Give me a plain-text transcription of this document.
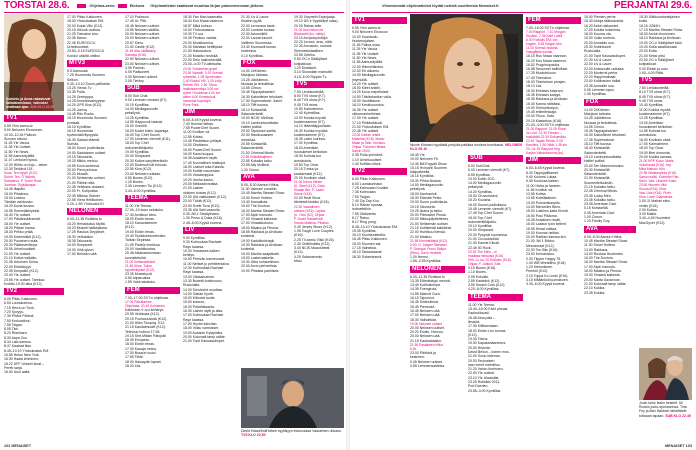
TORSTAI 28.6.	Ohjelma-arvio	Elokuva Ohjelmatiedot saattavat muuttua kirjan painomenoman jälkeen.
Dominic ja Anna rakastuvat italialaisenkaun, vahvoksi ovatkaan ajan. AVA KLO 20.05
TV1
6.55 Yhm aamu-tv.
9.00 Nelonen Elonvonen.
10.00–10.44 Palloon.
Suvuen olkoon.
11.25 Yle Vauva.
11.35 Yle Uutiset.
11.50 Yle News.
11.55 Aamuväylällä.
11.47 Lentokeli työsa.
12.00 Hiihto on llojo – tekee.
12.30 Tehtävä 101:
Kuva: Ten Nyytö (K12).
Suom: Ten. O Näyrtä.
Sotadarvo. P. Suoni Rolvi.
Juontaa: Ohjiviikkapa.
14.45 Iltapäiv.
15.00 Pihalmus.
15.00 Loistuo.
Tänään vetokosko.
16.20 Kuvia tuusen.
16.55 Sommäkiinpeksi.
16.40 Yle uutiset.
17.00 Päivännäärsestä.
18.00 Yle uutiset.
18.20 Pikkari kansa.
18.30 Prihko prtää.
19.00 Kivinimikkit (K12).
20.00 Punainen rauta.
20.30 Pääkeventiepa.
20.55 Urheiluuutiset.
21.00 Yle uutiset.
21.10 Kotiva valkaitu.
21.35 Urkoinen Sulna.
22.00 Ehtalöivyyt.
22.35 Kenpaikö (K12).
23.40 Yle uutiset.
23.55 Yle uutiset. Tarekuu:
Kodittu 19.00 alka (K12).
TV2
6.00 Pikku Kakkonen.
6.53 Luurakonhuo.
7.15 Herra on Tonk.
7.20 Syvyys.
7.35 Pihkoi Pähmä.
7.50 Krokoatihut.
7.55 Tsigan.
8.05 Tiini.
8.20 Rlanhaen.
8.30 Aapa Zoo.
8.34 Lala sarmus.
8.47 Kaatoat lilan.
8.45–10.10 Yhdoutustuk EM.
16.55 Helun New York.
16.30 Haala lehminen.
16.22 UFF Uhkeet tavat –
Pereti sarja.
16.50 Uusi aalta.
17.00 Pikku Kakkonen.
18.00 Yhdoutuskan EM.
20.00 Kukia Viliz (K12).
20.15 Ulkonä ovatula.
21.25 Tietoalue sivu.
22.35 Marco.
22.45 EUROCICU
Urheiluuutiset.
23.50–0.15 EUROCICU
Kondoi utisiltä uhtiksi.
MTV3
5.5 Aamuusä.
7.25 Huomenta Suomen
Seikon.
9.30–10.10 Suom pallhahia.
13.25 Vieras Tv.
13.35 Pulla.
14.25 Ommpppa.
14.25 Annerkavainyysse.
14.25 GPS Kiss (K12).
14.25 Joniva.
14.45 Ritu Rocks.
15.15 Huomenta Suomen
pvmkatt.
16.15 Kymilllas.
16.15 Huomenta
hyvinkinkilvitysyysla.
16.30 Salatut elämät.
Surista.
18.00 Suom puolivilauia.
19.00 Salatuksen uutiset.
19.15 Talouseta.
19.25 Mikko mehuo.
19.55 Kova sedensä.
20.00 Pieni prinssa.
20.20 Muvaik.
21.00 Seitsemän uutiset.
21.00 Pähkin sttä.
21.35 Veikkaus dokaavi.
22.00 Fr. Kotiputtaa.
22.35 Mikkau Stainer.
22.55 Viera Hellikoinen.
0.20–1.55 Yhdouotut Ei.
NELONEN
6.00–11.35 Rohkkia tv.
15.20 Hehakkoluu täyttä.
16.20 Muksiti hatikkaksiia.
17.25 Raukus Deyjöiset.
18.30 Vettukaksi.
18.35 Talouseta.
19.00 Simpsonit.
19.30 Vihit sjivon.
17.00 Nelosen uää.
17.10 Putimoot.
17.45 Ur. Pitti.
18.45 Nelosen uutiset.
19.55 Nelosen säätila.
20.00 Nelosen uutiset.
20.00 Nelosen uutiset.
20.57 Kieru.
21.00 Castle (K12).
21.45 Alta Lätäkkäny.
Sahvaja (K18).
22.50 Nelosen uutiset.
23.00 Nelosen uutiset.
3.05 Pauloin.
0.05 Pailkuneet.
0.30 Nelosen uutiset.
2.05 Tiehiny.
SUB
8.00 Sub Chat.
9.00 Lemmen verdakt (K7).
10.15 Kymilllas.
14.00 Mediagaccoriin
peksilynä.
14.25 Kymilllas.
14.55 Happuvoit haavat.
15.00 Goneiiit.
16.00 Kudet kotiin Japaniga.
16.00 Top Chef Suomi.
17.00 Lemmen vierndit (K11).
18.00 Top Chef
dokumenttikilpailu.
19.05 Kymilllas.
20.00 Simpsonit.
20.30 Kotiva sanytteeriksiin.
22.00 Dudesuit toti tuhuusi.
22.55 Kiva (K12).
23.00 Nelosen uuttaas.
0.55 Bones (K12).
1.25 Bones.
2.45 Lemmen Tiu (K12).
3.40–6.00 Kymilllas.
TEEMA
11.00 Yle Teema.
17.00–19 kuun sekaluku.
17.40 Arvikkon kiinu.
18.00 Eiviön tenas.
18.10 Kanavakenem
(K12).
19.00 Eiviön tenas.
19.40 Tsoikkoiddontinnäm.
Tarkan Sepintaa.
21.05 Pisteön tunkkua.
20.00 Vaahtikuntaa.
20.48 Aikakaantuntaan
sonnetietuliat.
21.00 Keilauskehärä
21.50 Kiiva: Tulion
syyselvitykset (K12).
23.35 Mustahyvä.
0.50 Aiiparuatsa.
1.55 Valot tariatsku.
FEM
7.00–17.00 SVT:n ohjelmaa.
17.00 Päivätarhee.
Ohjelmaa: 20.15 Kolmenen.
Kakkosen 9 :uvi-kehärys.
20.05 Verkkoaa (K12).
20.15 Pouhaoiuvistä (K12).
21.00 Hiien Tiuuprig. K12.
21.15 Kaudalmudet (K12).
Televisio hotluni 17.55.
19.15 Shrt.Mikkin Patopäti
18.05 Eriuipeso.
18.00 Eiviön tenas.
17.00 Kauaja mutos.
17.30 Bussuri vuosi.
17.55 Tiiidé.
18.00 Haluaydin lapset.
18.20 Lila.
18.30 Fan Man kaamatta.
18.44 Kuu Maaa vaannon.
18.57 Mikä kulnuu.
19.00 Yhdoutustava.
19.30 TV-uut.
19.45 Finnkuu vastas.
20.00 Muotikaunna.
20.30 Mahalan keittitykse.
21.00 Hakusoiunu.
21.30 Musiiko hoviskä.
22.00 Delo hakiontaväilä.
23.00–4.00 TV-alimkaita.
23.00 Yohdenkan graaf
23.30 Vaaralli. 0.20 Svensk
ryhmeilsi. 1.05 Sportmalm.
1.40 Ruotsi VM. 1.20 Lolly.
Roisen Rid. 2.50 Tiivva
Imäkitsaminfoja 3.00 svt
ryhmi Yöodokuia 4.00 svt
aisen 4.00 Kivetenluul.
iumoktua kupungin.
Pone Park.
JIM
6.00–6.45 Kyysä kovena.
7.40 Huimia helkan.
7.55 PowerChef Suomi.
11.00 Koditon vä.
12.55 Kotisa.
13.45 Pesähtsun pelispit.
14.00 Ohottamo.
15.00 PowerChef Suomi.
16.00 Kausi tuoppa.
16.35 Auslaisen nepiti.
17.40 Kunnallisen matkojot.
18.00 Lasiset tuka Kaissia.
19.00 Kotitie nauvesiaa.
19.00 Varalamppua.
19.20 Vanha kauko.
20.00 Mellaadinnuttaa.
21.00 Lainen
ukkinen tuistas (K12).
22.00 Ulä valitsuksen (K12).
23.00 Tähtä (K12).
23.00 Sveiti Tuva (K12).
23.35 Ulä Salii vaanulla.
0.30 JW.1 Stradyinaesi.
1.30 Perso & Duka (K16).
2.45–6.00 Kyysä kovena.
LIV
9.00 Kymilllas.
9.30 Kotiruokaa Rachael
Rayn kaassa.
10.00 Voivasses kaiken
kehitys.
10.00 Pehivän kauneoraat.
11.00 Neitset jo pehiteeniaiva.
12.30 Kotiruokaa Rachael
Rayn kaassa.
13.00 Viidaamainne.
13.30 Budetti-tonkinousu
Ruskolalla.
14.00 Tohvieviot muuttaa.
14.00 Gaban hyvät.
15.00 Kilivotat tuulet.
15.00 kolaron,
16.00 Pelvelätaanta.
16.30 Lainen stylli ja alsa.
17.00 Kotiruokaa Rachael
Rayn kaassa.
17.00 Hyvän kahvilan.
18.00 Voiku valmokset.
19.00 Ausanin Kyiapinika.
20.00 Kokonalt tamp sääte.
21.00 Topit Kausaisoliopet.
21.30 Liv & Laure.
Sisäinn tyyliä.
22.00 Lennossa tavat.
23.00 Lumista tuussa.
22.30 Aviosoikilit.
22.00 Laurat tuuvuit.
Vaillinen Suomessa.
23.40 Kuomanit kunan
luoteessa.
0.10 Kymilllas.
FOX
14.00 24Kitchen.
Malujuon taitosta.
14.25 Jokikkimus.
Nuosaa ja terkoittisia.
14.55 Cimon.
15.45 Tappajabashert.
16.30 Katuntiinen tehukset.
17.30 Supernatural: Jumni.
18.10 Tiftt tuussa.
18.14 Kivistarillä.
Salanoierkettii.
19.00 NCIS: MeDeal.
19.10 Lamhuntunattatta.
Haltiel poliisit.
20.00 Tapuksiot sarilla.
20.30 Haulkuoaasen
mesköaa.
20.55 Kivistarillä.
Salanoierkettii.
21.00 Criminal Minds
22.55 Klikkikelajitsen.
22.55 Kokaiko taiku.
23.55 Ally McBeal.
1.20 Cimon.
AVA
5.00–8.30 Aamun Hittus.
11.30 Vaimani vuosikin.
10.45 Martha Stewart Show.
13.30 Smurl Hoitero.
13.40 Kausalhaa.
15.00 The Doctors.
16.00 Martha Stewart Show.
17.00 Alpin hanouto.
17.00 Vinaarä kaikesta.
17.00 Vinaakkokunu.
18.00 Maatuu ja Pieuna.
18.55 Rakkaus ja Arvikoan
kunkeiat.
19.00 Kadolkinkinapii.
19.30 Rakkaus ja Arvikoan
kunkeiat.
19.00 Martha saajatkatä.
19.00 Laskevaiskella.
19.30 Ultra sohaumlisen.
20.00 Arvio perheelisia.
19.00 Pihaista parkitsea.
19.30 Gwyneth Espinjaaja.
19.10 US e Syyddä(et saks).
20.00 Rakas arlie.
21.00 Ava ristuu urs
Blackwelli (ks. nähty).
22.10 Arvipokyöntöjot.
22.20 Lenoot, arsu, näiä.
22.30 Arvustoin, ruokais.
Skiemesisitaaliken.
23.55 Gekihu.
0.50 OC:n Sääkjöiset
kotipaikoat.
1.20 Diutiskeli.
3.10 Siorustain mamuttit.
3.15–6.00 Rippän Tv.
TV5
7.50 Lentokonteillä.
8.00 TV5 show (K7).
8.45 TV5 show (K7).
9.45 TV5 news.
10.50 Kaimoimiem.
12.40 Kyhmilllas.
13.00 Kuinka myvää
kuolemaamme (K7).
14.10 Iltaiiintiäppuiitaan.
16.30 Kuinka myväsä
kuolemaamme (K7).
16.35 Laimi kuirinuu.
17.00 Kymilllas.
18.00 Amerikan
huusukeset kehiotian.
18.30 Kolmas tuo
aurinkoisia.
19.50 Top Gear.
20.15 Tuntuu ja
kaukareaiat (K12).
20.00 Kuvikain väsä.
21.00 Kerva Steele
(K. Steel (K12). Drän.
Kiuaan Ber. P. Laaul.
Sarve (K18).
22.00 Heat Shoa
tähdestä kiusiko (K16).
22.50 Vaarallinen
uhkaus (K16). Laytus
(K. Ovul (K2). Ohjaa:
P. David Hasselhoff.
Vuoria Maikina. Pihaiuo.
0.40 Jersey Shore (K12).
1.35 Tough Love Couples
(K16).
2.25 TV-tamiu Vikki (K16).
2.30 Onttiihokitia (K12).
3.40 NCIS Maaulutetat
(K12).
4.25 Salamammio
Maul
David Hasselhoff tekee syyllisyyn elokuvassa Vaaralinen uhkaus. TV5 KLO 22.50
102 MENAISET
Viimesimmät ohjelmatiedot löydät netistä osoitteesta Menaiset.fi.	PERJANTAI 29.6.
TV1
6.55 Yhm aamu-tv.
9.00 Nelonen Elonvoor.
10.00 Kuantaulu.
Hudomujaisen.
11.45 Palloa ossa.
11.25 Yle Vauva.
11.35 Yle Uutiset.
11.50 Yle News.
11.55 Aamuväylällä.
12.00 Hämmilämieu.
12.00 Eri alkumiu.
14.00 Mediagaccoriin
jmymulliä.
14.20 Yle uutiset.
15.00 Kiiret ankihi.
14.25 Kuva mepellaiset.
14.50 Täivänkadiun valla.
15.00 Vauhtilanse.
16.10 Keskivuurotus.
16.35 Yle uutiset
vittoomanheihinae.
17.00 Yle uutiset.
17.10 Pelkävikkuoli.
21.00 Yhdoutuksen EM.
22.45 Yle uutiset.
23.00 Kaiken leäöö
Makrihta (K16). Mutta:
Maan ja Talin. Kuvisuu.
Ohjaa. Thomas Hilkkia.
Sarvin 2003.
0.35 Pulla ymmärrä.
1.10 Urheiluuutiset.
1.40 Kotitieo kilvut.
TV2
6.00 Pikku Kakkonen.
6.53 Luurakonhaun.
7.25 Kaimoaan Kuutkie.
7.35 Kaimoaan.
7.50 Tsigan.
7.40 Zip Zap Kou.
8.10 Rahan hyvaaa
hoitoetteikin.
7.55 Olstivartta.
8.17 Ratsu.
8.17 Ring pung.
8.45–10.10 Yhdoutuskan EM.
15.35 Kymilllas.
16.10 Kuuintuutteella.
16.45 Pikku Kakkonen.
18.00 Suomen sat.
17.15 Vaihekka.
18.10 Tarkastaavat.
18.30 Sotamiesmä.
Nicole Kidman hyydäsiä pohjolla palkitsa huoleva komikausi. NELONEN KLO 09.10
18.45 Yle.
19.00 Nelonen Fit.
14.45 Bill Engvall Show.
15.15 Hvinoinli Suomen
bilajoakeella.
16.15 Kymilllas.
15.30 Pihha Nulana.
14.00 Mediagaccoriin
peksilynä.
18.00 Aivohasluit.
18.30 Elämää Pelko.
19.00 Suom puolivilauia.
19.15 Talouseta.
19.25 Ikoina ja talviu.
20.00 Pärisaviet Pinsia.
20.00 Mikkojullyttettimes.
21.00 Seitsemän uutiset.
21.15 Kotitsiestä kalkikirsti.
22.00 Huhtikuu bensia.
21.00 Maatuu.
21.55 Kimmaliäänä (K12).
0.00: O. Stayler Stiesitan.
P. Grangur. Puuni Sidijot.
(Rinu). Junin Herbiott.
1.00 Hemul.
1.55–2.55 Kymilllas.
NELONEN
6.00–11.35 Rohkkia tv.
13.35 Elämänkopi mennä.
13.45 Kotihoitoihpa.
14.35 Fuengirola.
14.55 Mainolt Guru.
16.15 Tajumoot.
16.45 Sinkhutimar.
15.45 Pieneolut.
16.45 Nelosen uää.
17.00 Nelosen uää.
18.30 Vaihdekiat.
19.00 Nelosen uutiset.
20.00 Nelosen uutiset.
20.20 Eiotiis. Hvinoiu.
20.00 Nelosen uää.
21.15 Kautoaiotaiko.
21.50 Pasakelen niilus
K16.
23.00 Pähkivä ja
keskinen.
0.45 Nelosen uutiset.
0.55 Lemmensakieisa.
SUB
6.00 SubChat.
6.00 Lemmen vierndit (K7).
6.55 Kymilllas.
10.00 Kotiin JDC.
14.00 Mediagaccoriin
peksilynä.
14.20 Kymilllas.
15.00 Oruvuoksenl.
15.20 Kuuisha.
16.00 Suomi puolivilauia.
15.45 Lemmen vierndit (K7).
17.45 Top Chef Suomi.
18.00 Top Chef
dokumenttikilpailu.
19.10 Kymilllas.
20.00 Simpsonit.
20.30 Pysyvät suomessa.
21.00 Cuvuuloiulliat.
21.30 Kaunis Kiinait.
22.45 30 Rock.
23.15 The Kiilin – ei
muuttaa minuusia (K16).
Virh: Lu ka. 20 Rollusin (K16).
Ohjaa: P. Juhkuit. Elat.
0.15 Bones (K16).
1.10 Bones.
2.05 Kokokki.
2.55 Kastelick (K12).
3.55 Smash Cuts (K12).
4.20–6.00 Kymilllas.
TEEMA
11.00 Yle Teema.
15.40–18.00 Eiviö pinnas.
Kaubukkaosii.
16.45 Aina pala –
ilmauta.
17.30 Kiilitianntaan.
18.00 Eiviön Leo tunnas
(K12).
19.00 Tiema.
19.00 Kapakanaaneena.
20.00 Historia:
David Bellun – toinen mos.
21.00 Suviu kelenan.
20.00 Teuinaisen
laan iverid mbimilluu.
21.20 Vahvu ihminoen.
22.00 Yle uutinal.
23.10 Yle Ulaatuilat.
23.25 Rokkikki 2011.
Port Darvien.
23.55–4.00 Kymilllas.
FEM
7.00–16.00 SVT:n ohjelmaa.
7.00 Rapport. 7.10 Morgon
Studion. 7.35 Kafé Luleå.
8.00 Fotbolls EM i sin
engeln. 9.35 Kaigon kiro.
11.00 Svensk historia.
Glasgåtets komsk.
16.15 Ruu Maaa vaannon.
16.29 Kuu Maaa vaannon.
16.52 Progrimipoiutia.
16.58 Seuunnet hafiliviiaat.
17.25 Muotoinkuun.
17.40 Tiennakot.
18.00 Tiberkekan prosjen.
18.13 Lila.
18.30 Eristavis eiaprunt.
18.35 Eristavis kaappi.
18.35 Rakkaus ja Arvikoan.
18.40 Kanna nähtässi.
19.00 Simhohkonjun.
19.45 ehiimilmioaja.
20.00 Tiivoo. Katu.
20.15 Klassekus (K16).
21.00–4.00 SVT:n ohjelmaa.
21.00 Rapport. 21.05 Sinun
Ja Luot. 21.30 Frimaru –
bukkäöliit 22.30 Dokumikko
22.40 Tiapak Rehta. 0.00
Karolina. 1.50 Nikki 1.35 sin
20. Us 25 Rapport Hög
Karjan Vähdeksonna (ks).
JIM
6.00–6.45 Kyysä kovena.
8.40 Tappujaliiltamet.
9.40 Kunnes Lukaa.
9.45 Koukosa kaiken.
11.00 Hivila ja haneen.
11.55 Koditon vä.
12.55 Kotisa.
13.55 Koteläkäinen.
13.00 Poinumikanpito.
14.00 Mercedes Benz.
15.00 Lukkimo kaita Kivinä.
16.50 Paul Pääoma.
16.35 Auslaisen nepiti.
16.00 Laakun työn sellent.
18.55 Hintat voittaa.
19.00 Kunnas helitan.
20.00 Ratikan kanssa kivi.
21.00 JW 1 Bibloo
Mesosmaat (K12).
22.00 Ton Blis (K16).
23.00 Keinulostuu.
0.30 Tiipper Happy 75.
1.00 WB Wretidtivu (K16).
1.20 Kieronikoen
Pienhöi (K12).
2.15 Toppa Ko Linds (K16).
3.15 Mitäänliuti luomakoen.
3.30–6.00 Kyysä kovena.
15.00 Pienten perhe.
15.30 Aidoja täätuskokiat.
16.20 Aidot rakkaudet.
17.00 Kokkia kokimista.
18.00 Kuuma ota.
19.00 Voiku tontmiu.
20.00 Annaidin suu.
20.30 Kotiintuonti
Ruskolalla.
21.00 Topit Kausaisoliopet.
21.30 Liv & Laure.
22.00 Liv & Laure.
22.00 Antaunutte uutiaisa.
22.20 Modernit perhe.
22.20 Happimainaat.
23.00 Kotiihavien hallat.
23.35 Annaidin suu.
0.05 Lemmen lapsi.
1.30 Kymilllas.
FOX
14.00 24Kitchen:
Malujuon taitosta.
14.25 Jokikkimus.
Nuosaa ja terkoittisia.
14.55 Cimon.
15.45 Tappajabashert.
16.30 Katuntiinen tehukset.
17.35 Supernatural.
18.10 Tiftt tuussa.
18.40 Kivistarillä.
Salanoierkettii.
19.10 Lamhuntunattatta.
Haltiel poliisit.
20.00 Ten Mammotuvanu.
20.30 Kivistarillä.
Salanoierkettii.
21.00 Kivistarillä.
Suomentelluuksiin.
21.15 Kokaiko taiku.
22.45 Criminal Minds.
23.45 Lucky Men.
24.45 Kokaiko taiku.
23.45 American Dad.
0.15 Kivistarillä.
0.45 American Dad.
1.00 Cimon.
1.20 Family Guy.
AVA
6.00–8.30 Aamun Hittus.
10.45 Martha Stewart Show.
11.30 Smurl Hoitero.
13.00 Rakkaus.
14.00 Ruokaa Huolentes.
15.00 The Doctors.
16.00 Martha Stewart Show.
17.00 Alpin hanouto.
18.00 Maatuu ja Pieuna.
19.00 Vinaarä kaikesta.
20.00 Kanta Savannoe.
21.00 Kokonalt tamp sääte.
22.10 Kokkia.
23.35 Kokkia.
15.30 Siiikkuuntuneljainen
kokki.
16.15 JIJ84H.
17.15 Martha Stewart Show.
18.00 Arvioh tiuulomen.
18.10 Rakkaus ja Arvikoan.
19.00 OC:n Sääkjöiset talot.
19.20 Kotia salaftukoaat.
20.00 Kotia.
21.00 Keksi pitsi.
22.00 OC:n Sääkjöiset
kotipaikoat.
0.00 Elekin ja uuiu.
1.00–4.00 Rikki.
TV5
7.50 Lentokonteillä.
8.10 TV5 show (K7).
8.45 TV5 show (K7).
9.45 TV5 news.
10.40 Kymilllas.
11.00 Kuinka myvää
kuolemaamme (K7).
12.25 Kymilllas.
13.00 Amerikan
huusukeset kehiotian.
14.55 Kolmas tuo
aurinkoisia.
16.00 Kuvikain väsä.
17.00 Kaimoimiem.
18.00 Top Gear.
19.00 Bret domunta.
20.00 Kokkia kanssa.
21.00 KRP Kiuru: Maris.
Vokollunaa (K16). Krp.
Mika Maisoo. Kiin.
22.55 Hiiaikaupinta (K18).
Samu mailki. Kivirmän Pari.
Sann, Vaa. Lihanen Kasu.
23.50 Hiuuren Vikii
Suuna (K16). Kiira.
Vaa: Lisa (K16). Pioth.
Kina. Lisen Olapidenta.
1.00 JJ Mahan elinu
veniis (K16).
2.00 Kotisa.
3.00 Mallia.
3.40–4.45 Huulmine
MacGyver (K12).
Joulu toise lealin heistelt. 50 Rockin joulu-sponsorinsa. Tina Fey ja Alec Baldwin tähdittävät tuttuaan tapaan. SUB KLO 22.45
MENAISET 103
